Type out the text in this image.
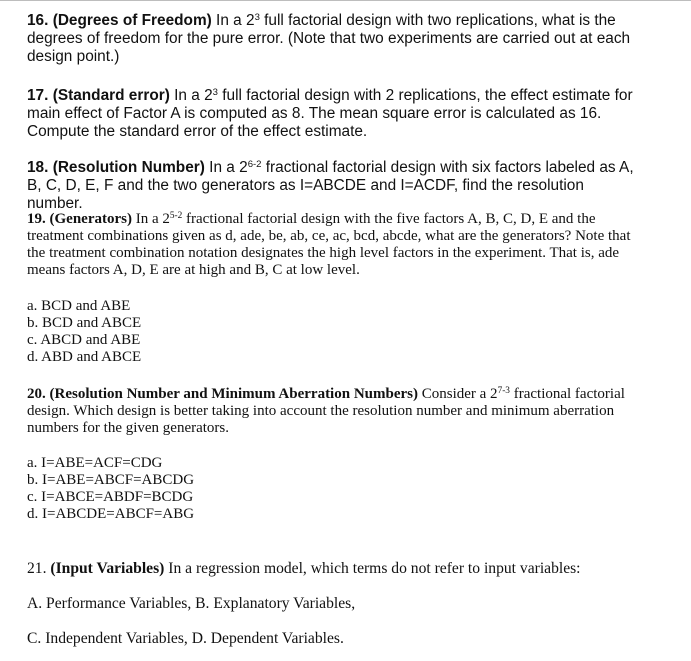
16. (Degrees of Freedom) In a $2^3$ full factorial design with two replications, what is the degrees of freedom for the pure error. (Note that two experiments are carried out at each design point.)
17. (Standard error) In a $2^3$ full factorial design with 2 replications, the effect estimate for main effect of Factor A is computed as 8. The mean square error is calculated as 16. Compute the standard error of the effect estimate.
18. (Resolution Number) In a 2$^{6-2}$ fractional factorial design with six factors labeled as A, B, C, D, E, F and the two generators as I=ABCDE and I=ACDF, find the resolution number.
19. (Generators) In a 2$^{5-2}$ fractional factorial design with the five factors A, B, C, D, E and the treatment combinations given as d, ade, be, ab, ce, ac, bcd, abcde, what are the generators? Note that the treatment combination notation designates the high level factors in the experiment. That is, ade means factors A, D, E are at high and B, C at low level.
a. BCD and ABE
b. BCD and ABCE
c. ABCD and ABE
d. ABD and ABCE
20. (Resolution Number and Minimum Aberration Numbers) Consider a 2$^{7-3}$ fractional factorial design. Which design is better taking into account the resolution number and minimum aberration numbers for the given generators.
a. I=ABE=ACF=CDG
b. I=ABE=ABCF=ABCDG
c. I=ABCE=ABDF=BCDG
d. I=ABCDE=ABCF=ABG
21. (Input Variables) In a regression model, which terms do not refer to input variables:
A. Performance Variables, B. Explanatory Variables,
C. Independent Variables, D. Dependent Variables.
